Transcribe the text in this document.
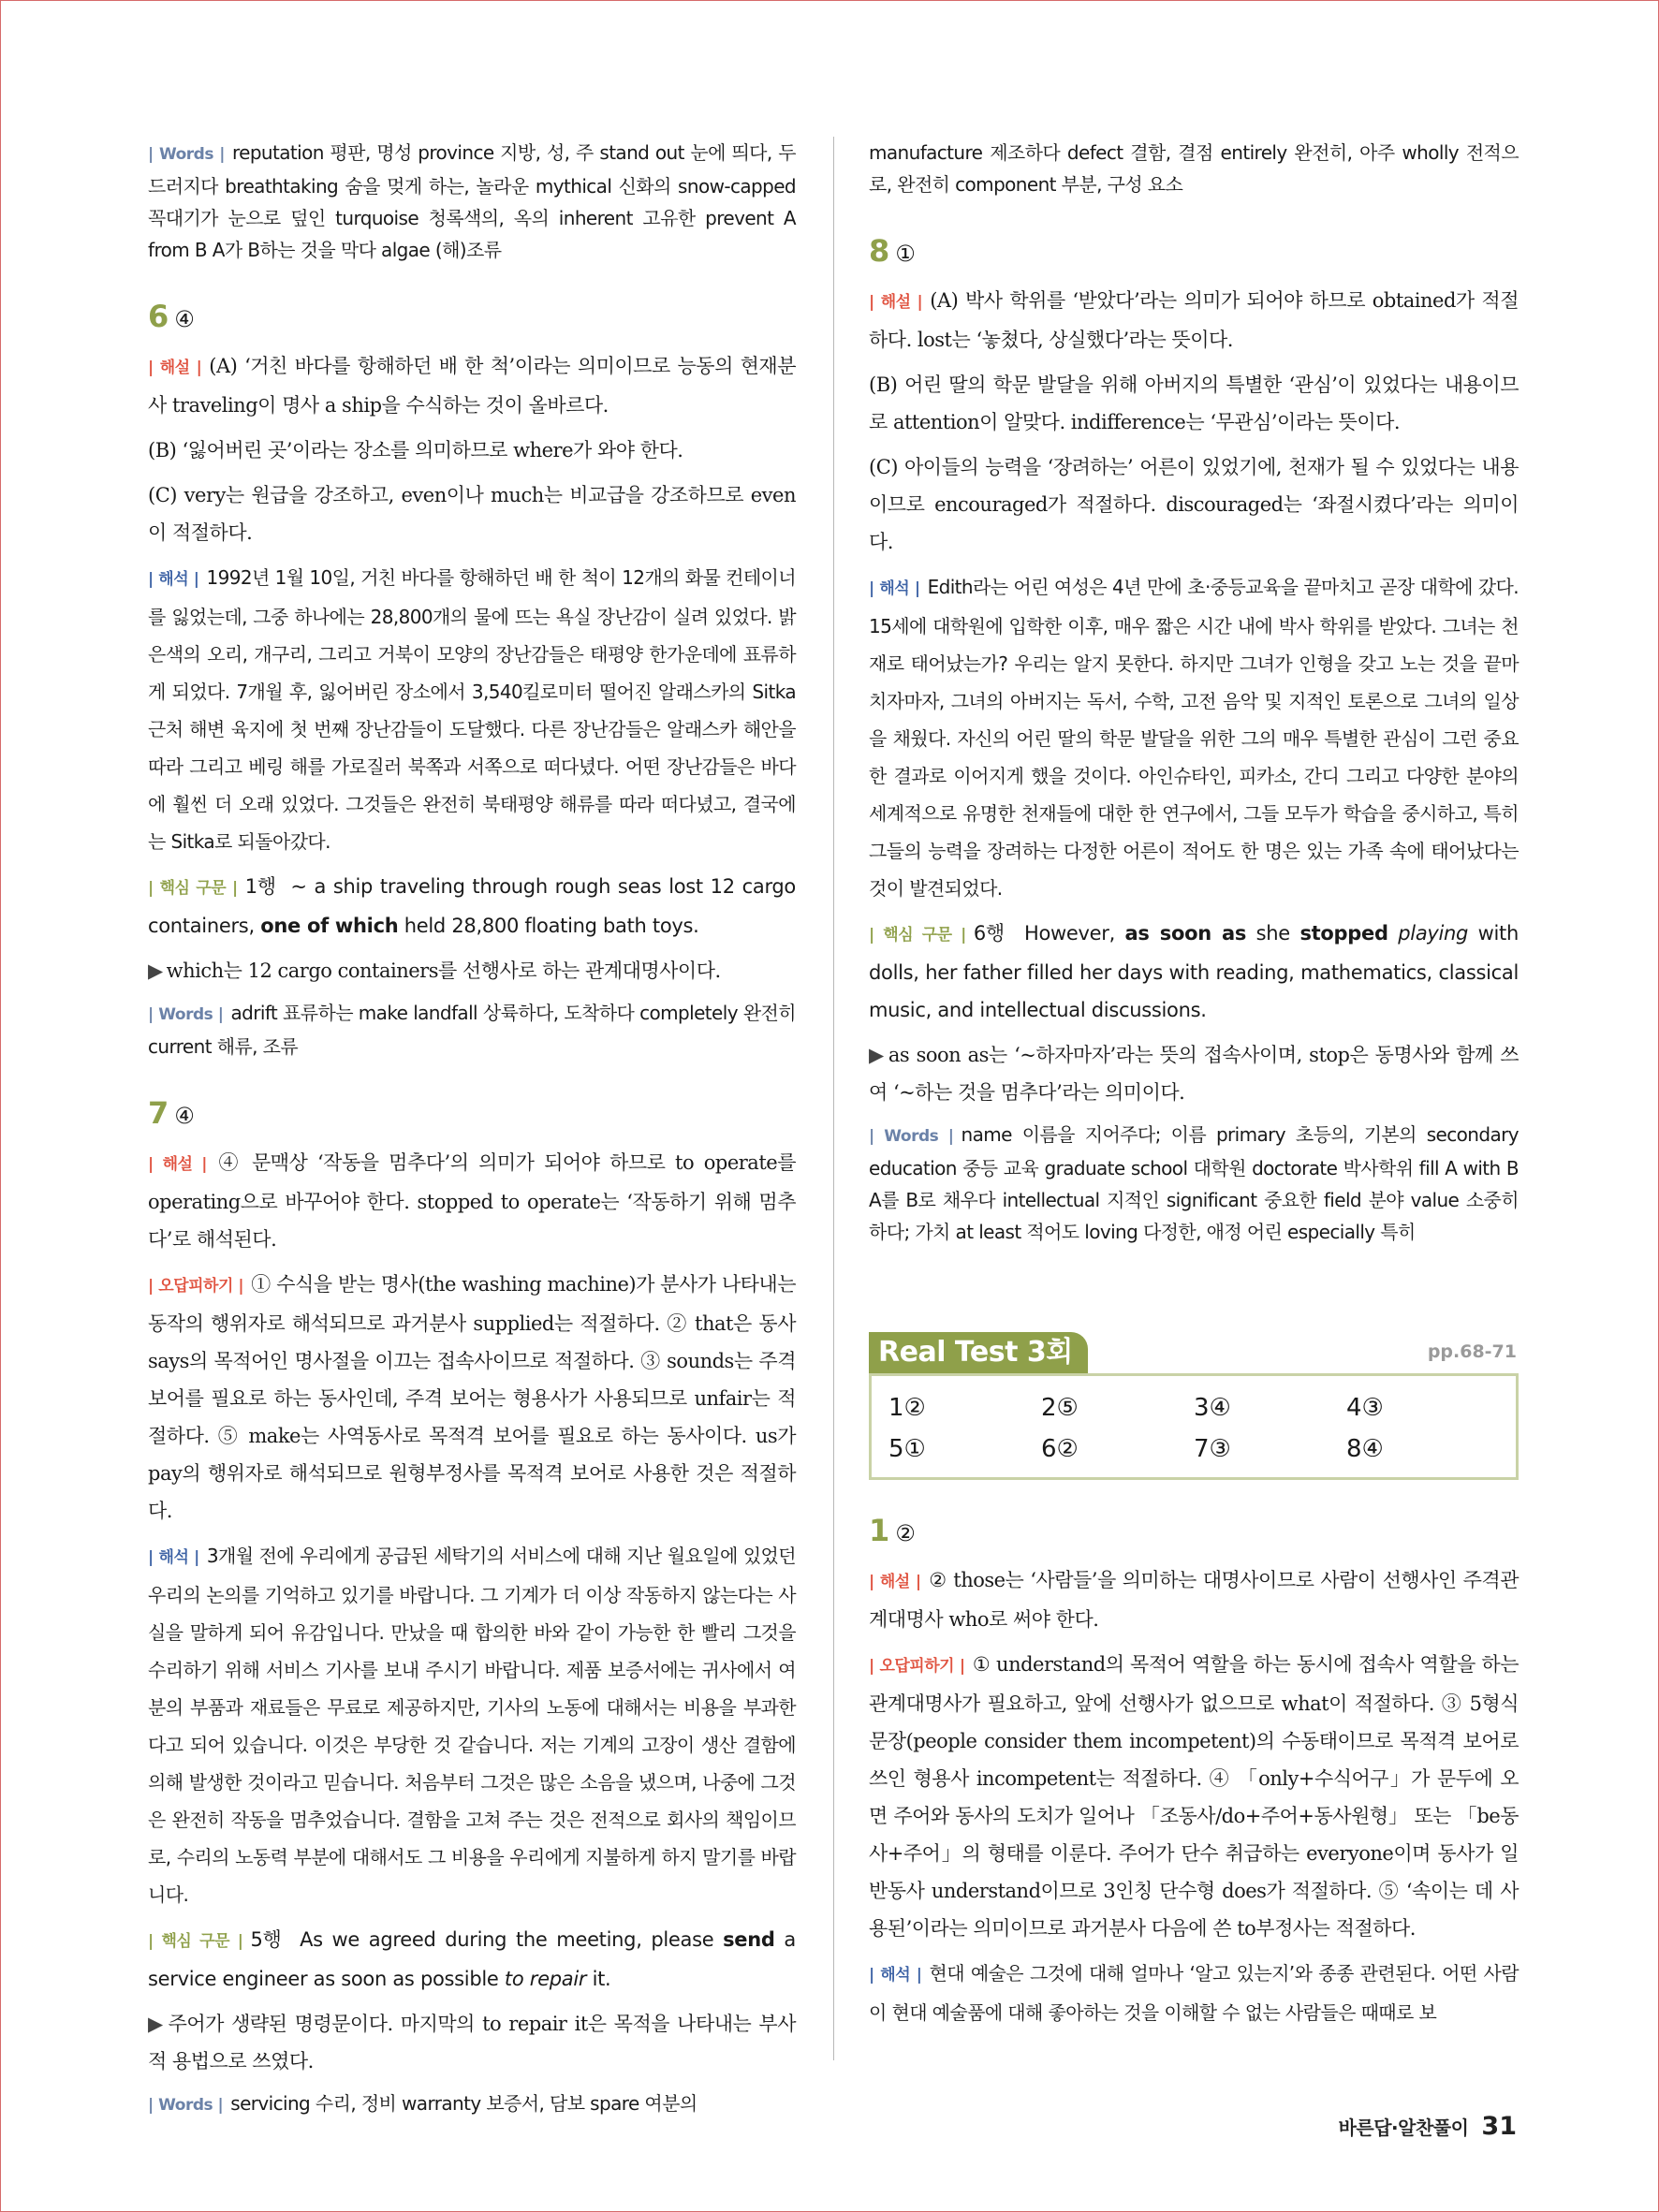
| Words | reputation 평판, 명성 province 지방, 성, 주 stand out 눈에 띄다, 두드러지다 breathtaking 숨을 멎게 하는, 놀라운 mythical 신화의 snow-capped 꼭대기가 눈으로 덮인 turquoise 청록색의, 옥의 inherent 고유한 prevent A from B A가 B하는 것을 막다 algae (해)조류

6 ④

| 해설 | (A) ‘거친 바다를 항해하던 배 한 척’이라는 의미이므로 능동의 현재분사 traveling이 명사 a ship을 수식하는 것이 올바르다.

(B) ‘잃어버린 곳’이라는 장소를 의미하므로 where가 와야 한다.

(C) very는 원급을 강조하고, even이나 much는 비교급을 강조하므로 even이 적절하다.

| 해석 | 1992년 1월 10일, 거친 바다를 항해하던 배 한 척이 12개의 화물 컨테이너를 잃었는데, 그중 하나에는 28,800개의 물에 뜨는 욕실 장난감이 실려 있었다. 밝은색의 오리, 개구리, 그리고 거북이 모양의 장난감들은 태평양 한가운데에 표류하게 되었다. 7개월 후, 잃어버린 장소에서 3,540킬로미터 떨어진 알래스카의 Sitka 근처 해변 육지에 첫 번째 장난감들이 도달했다. 다른 장난감들은 알래스카 해안을 따라 그리고 베링 해를 가로질러 북쪽과 서쪽으로 떠다녔다. 어떤 장난감들은 바다에 훨씬 더 오래 있었다. 그것들은 완전히 북태평양 해류를 따라 떠다녔고, 결국에는 Sitka로 되돌아갔다.

| 핵심 구문 | 1행 ~ a ship traveling through rough seas lost 12 cargo containers, one of which held 28,800 floating bath toys.

▶ which는 12 cargo containers를 선행사로 하는 관계대명사이다.

| Words | adrift 표류하는 make landfall 상륙하다, 도착하다 completely 완전히 current 해류, 조류

7 ④

| 해설 | ④ 문맥상 ‘작동을 멈추다’의 의미가 되어야 하므로 to operate를 operating으로 바꾸어야 한다. stopped to operate는 ‘작동하기 위해 멈추다’로 해석된다.

| 오답피하기 | ① 수식을 받는 명사(the washing machine)가 분사가 나타내는 동작의 행위자로 해석되므로 과거분사 supplied는 적절하다. ② that은 동사 says의 목적어인 명사절을 이끄는 접속사이므로 적절하다. ③ sounds는 주격 보어를 필요로 하는 동사인데, 주격 보어는 형용사가 사용되므로 unfair는 적절하다. ⑤ make는 사역동사로 목적격 보어를 필요로 하는 동사이다. us가 pay의 행위자로 해석되므로 원형부정사를 목적격 보어로 사용한 것은 적절하다.

| 해석 | 3개월 전에 우리에게 공급된 세탁기의 서비스에 대해 지난 월요일에 있었던 우리의 논의를 기억하고 있기를 바랍니다. 그 기계가 더 이상 작동하지 않는다는 사실을 말하게 되어 유감입니다. 만났을 때 합의한 바와 같이 가능한 한 빨리 그것을 수리하기 위해 서비스 기사를 보내 주시기 바랍니다. 제품 보증서에는 귀사에서 여분의 부품과 재료들은 무료로 제공하지만, 기사의 노동에 대해서는 비용을 부과한다고 되어 있습니다. 이것은 부당한 것 같습니다. 저는 기계의 고장이 생산 결함에 의해 발생한 것이라고 믿습니다. 처음부터 그것은 많은 소음을 냈으며, 나중에 그것은 완전히 작동을 멈추었습니다. 결함을 고쳐 주는 것은 전적으로 회사의 책임이므로, 수리의 노동력 부분에 대해서도 그 비용을 우리에게 지불하게 하지 말기를 바랍니다.

| 핵심 구문 | 5행 As we agreed during the meeting, please send a service engineer as soon as possible to repair it.

▶ 주어가 생략된 명령문이다. 마지막의 to repair it은 목적을 나타내는 부사적 용법으로 쓰였다.

| Words | servicing 수리, 정비 warranty 보증서, 담보 spare 여분의

manufacture 제조하다 defect 결함, 결점 entirely 완전히, 아주 wholly 전적으로, 완전히 component 부분, 구성 요소

8 ①

| 해설 | (A) 박사 학위를 ‘받았다’라는 의미가 되어야 하므로 obtained가 적절하다. lost는 ‘놓쳤다, 상실했다’라는 뜻이다.

(B) 어린 딸의 학문 발달을 위해 아버지의 특별한 ‘관심’이 있었다는 내용이므로 attention이 알맞다. indifference는 ‘무관심’이라는 뜻이다.

(C) 아이들의 능력을 ‘장려하는’ 어른이 있었기에, 천재가 될 수 있었다는 내용이므로 encouraged가 적절하다. discouraged는 ‘좌절시켰다’라는 의미이다.

| 해석 | Edith라는 어린 여성은 4년 만에 초·중등교육을 끝마치고 곧장 대학에 갔다. 15세에 대학원에 입학한 이후, 매우 짧은 시간 내에 박사 학위를 받았다. 그녀는 천재로 태어났는가? 우리는 알지 못한다. 하지만 그녀가 인형을 갖고 노는 것을 끝마치자마자, 그녀의 아버지는 독서, 수학, 고전 음악 및 지적인 토론으로 그녀의 일상을 채웠다. 자신의 어린 딸의 학문 발달을 위한 그의 매우 특별한 관심이 그런 중요한 결과로 이어지게 했을 것이다. 아인슈타인, 피카소, 간디 그리고 다양한 분야의 세계적으로 유명한 천재들에 대한 한 연구에서, 그들 모두가 학습을 중시하고, 특히 그들의 능력을 장려하는 다정한 어른이 적어도 한 명은 있는 가족 속에 태어났다는 것이 발견되었다.

| 핵심 구문 | 6행 However, as soon as she stopped playing with dolls, her father filled her days with reading, mathematics, classical music, and intellectual discussions.

▶ as soon as는 ‘~하자마자’라는 뜻의 접속사이며, stop은 동명사와 함께 쓰여 ‘~하는 것을 멈추다’라는 의미이다.

| Words | name 이름을 지어주다; 이름 primary 초등의, 기본의 secondary education 중등 교육 graduate school 대학원 doctorate 박사학위 fill A with B A를 B로 채우다 intellectual 지적인 significant 중요한 field 분야 value 소중히 하다; 가치 at least 적어도 loving 다정한, 애정 어린 especially 특히

Real Test 3회	pp.68-71
1②	2⑤	3④	4③
5①	6②	7③	8④
1 ②

| 해설 | ② those는 ‘사람들’을 의미하는 대명사이므로 사람이 선행사인 주격관계대명사 who로 써야 한다.

| 오답피하기 | ① understand의 목적어 역할을 하는 동시에 접속사 역할을 하는 관계대명사가 필요하고, 앞에 선행사가 없으므로 what이 적절하다. ③ 5형식 문장(people consider them incompetent)의 수동태이므로 목적격 보어로 쓰인 형용사 incompetent는 적절하다. ④ 「only+수식어구」가 문두에 오면 주어와 동사의 도치가 일어나 「조동사/do+주어+동사원형」 또는 「be동사+주어」의 형태를 이룬다. 주어가 단수 취급하는 everyone이며 동사가 일반동사 understand이므로 3인칭 단수형 does가 적절하다. ⑤ ‘속이는 데 사용된’이라는 의미이므로 과거분사 다음에 쓴 to부정사는 적절하다.

| 해석 | 현대 예술은 그것에 대해 얼마나 ‘알고 있는지’와 종종 관련된다. 어떤 사람이 현대 예술품에 대해 좋아하는 것을 이해할 수 없는 사람들은 때때로 보

바른답·알찬풀이 31
